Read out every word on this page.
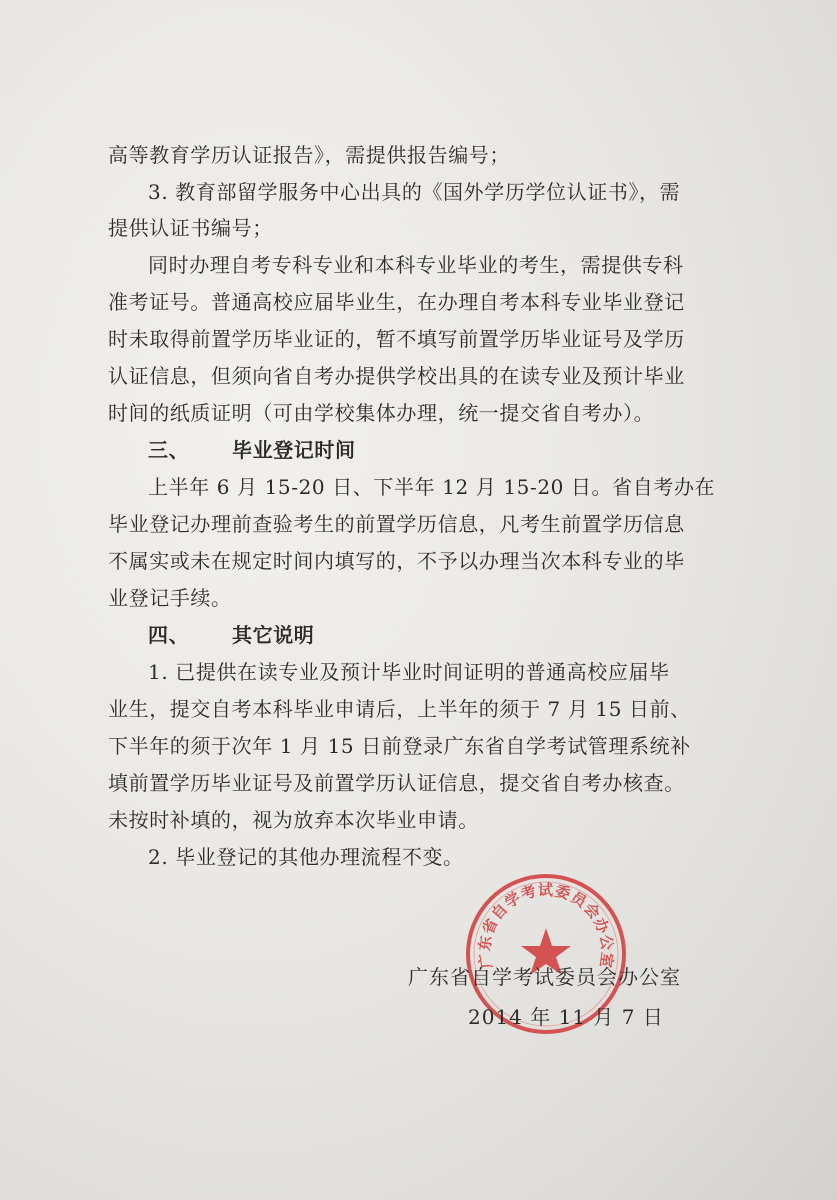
高等教育学历认证报告》，需提供报告编号；
3. 教育部留学服务中心出具的《国外学历学位认证书》，需
提供认证书编号；
同时办理自考专科专业和本科专业毕业的考生，需提供专科
准考证号。普通高校应届毕业生，在办理自考本科专业毕业登记
时未取得前置学历毕业证的，暂不填写前置学历毕业证号及学历
认证信息，但须向省自考办提供学校出具的在读专业及预计毕业
时间的纸质证明（可由学校集体办理，统一提交省自考办）。
三、 毕业登记时间
上半年 6 月 15-20 日、下半年 12 月 15-20 日。省自考办在
毕业登记办理前查验考生的前置学历信息，凡考生前置学历信息
不属实或未在规定时间内填写的，不予以办理当次本科专业的毕
业登记手续。
四、 其它说明
1. 已提供在读专业及预计毕业时间证明的普通高校应届毕
业生，提交自考本科毕业申请后，上半年的须于 7 月 15 日前、
下半年的须于次年 1 月 15 日前登录广东省自学考试管理系统补
填前置学历毕业证号及前置学历认证信息，提交省自考办核查。
未按时补填的，视为放弃本次毕业申请。
2. 毕业登记的其他办理流程不变。
广东省自学考试委员会办公室
广东省自学考试委员会办公室
2014 年 11 月 7 日
